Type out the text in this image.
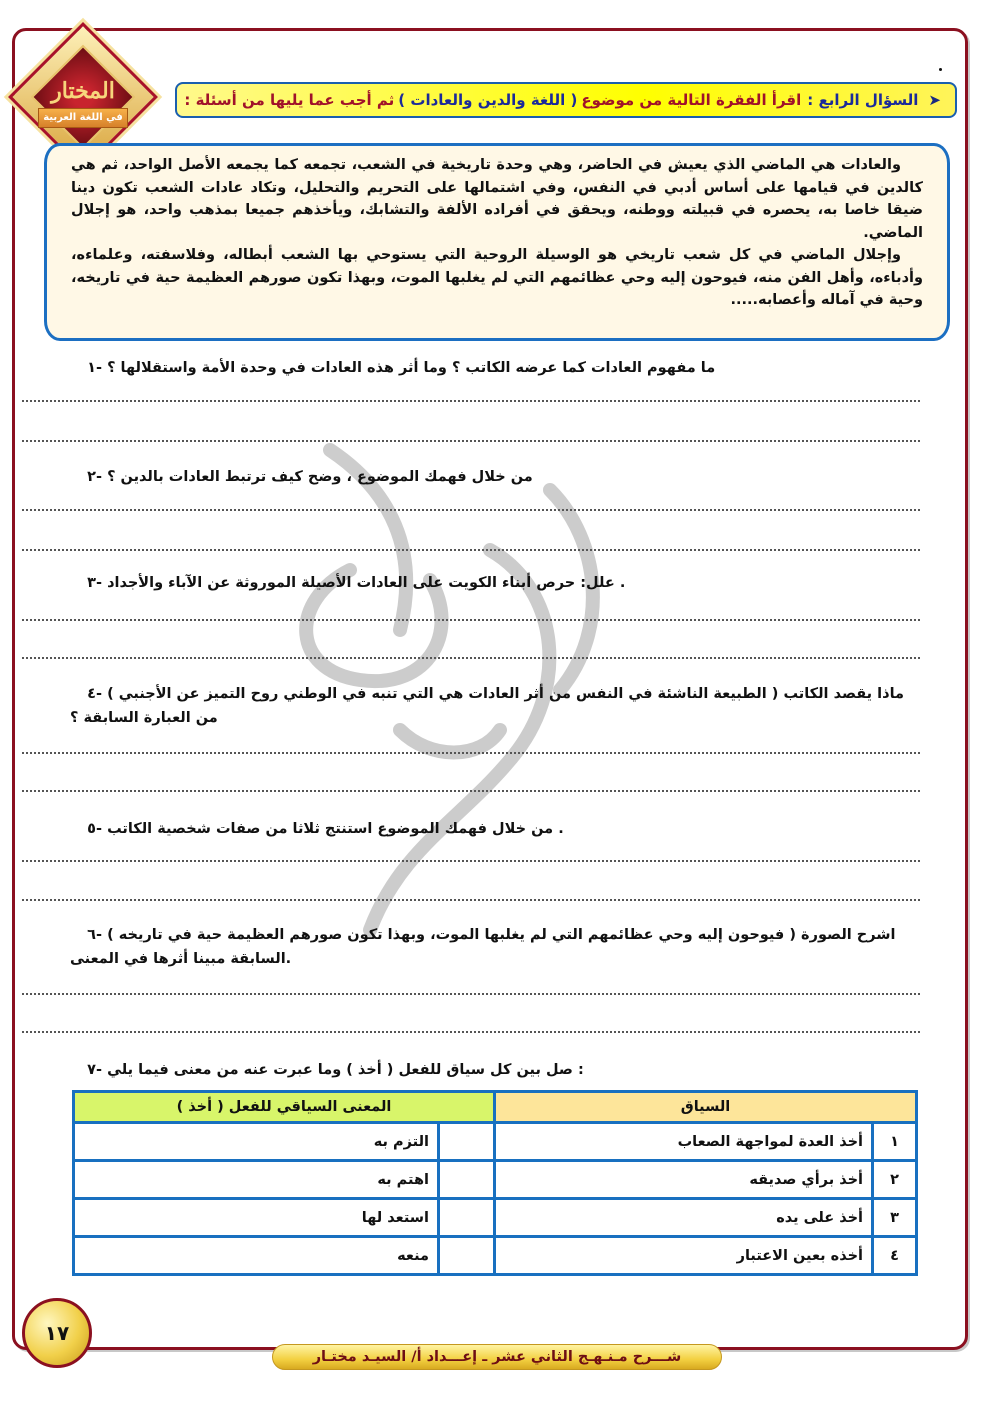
المختار
في اللغة العربية
➤
السؤال الرابع :
اقرأ الفقرة التالية من موضوع
( اللغة والدين والعادات )
ثم أجب عما يليها من أسئلة :

والعادات هي الماضي الذي يعيش في الحاضر، وهي وحدة تاريخية في الشعب، تجمعه كما يجمعه الأصل الواحد، ثم هي كالدين في قيامها على أساس أدبي في النفس، وفي اشتمالها على التحريم والتحليل، وتكاد عادات الشعب تكون دينا ضيقا خاصا به، يحصره في قبيلته ووطنه، ويحقق في أفراده الألفة والتشابك، ويأخذهم جميعا بمذهب واحد، هو إجلال الماضي.

وإجلال الماضي في كل شعب تاريخي هو الوسيلة الروحية التي يستوحي بها الشعب أبطاله، وفلاسفته، وعلماءه، وأدباءه، وأهل الفن منه، فيوحون إليه وحي عظائمهم التي لم يغلبها الموت، وبهذا تكون صورهم العظيمة حية في تاريخه، وحية في آماله وأعصابه.....

١- ما مفهوم العادات كما عرضه الكاتب ؟ وما أثر هذه العادات في وحدة الأمة واستقلالها ؟
٢- من خلال فهمك الموضوع ، وضح كيف ترتبط العادات بالدين ؟
٣- علل: حرص أبناء الكويت على العادات الأصيلة الموروثة عن الآباء والأجداد .
٤- ( الطبيعة الناشئة في النفس من أثر العادات هي التي تنبه في الوطني روح التميز عن الأجنبي ) ماذا يقصد الكاتب من العبارة السابقة ؟
٥- من خلال فهمك الموضوع استنتج ثلاثا من صفات شخصية الكاتب .
٦- ( فيوحون إليه وحي عظائمهم التي لم يغلبها الموت، وبهذا تكون صورهم العظيمة حية في تاريخه ) اشرح الصورة السابقة مبينا أثرها في المعنى.
٧- صل بين كل سياق للفعل ( أخذ ) وما عبرت عنه من معنى فيما يلي :
السياق		المعنى السياقي للفعل ( أخذ )	
١	أخذ العدة لمواجهة الصعاب		التزم به
٢	أخذ برأي صديقه		اهتم به
٣	أخذ على يده		استعد لها
٤	أخذه بعين الاعتبار		منعه
١٧
شـــرح مـنـهـج الثاني عشر ـ إعـــداد أ/ السيـد مختـار
